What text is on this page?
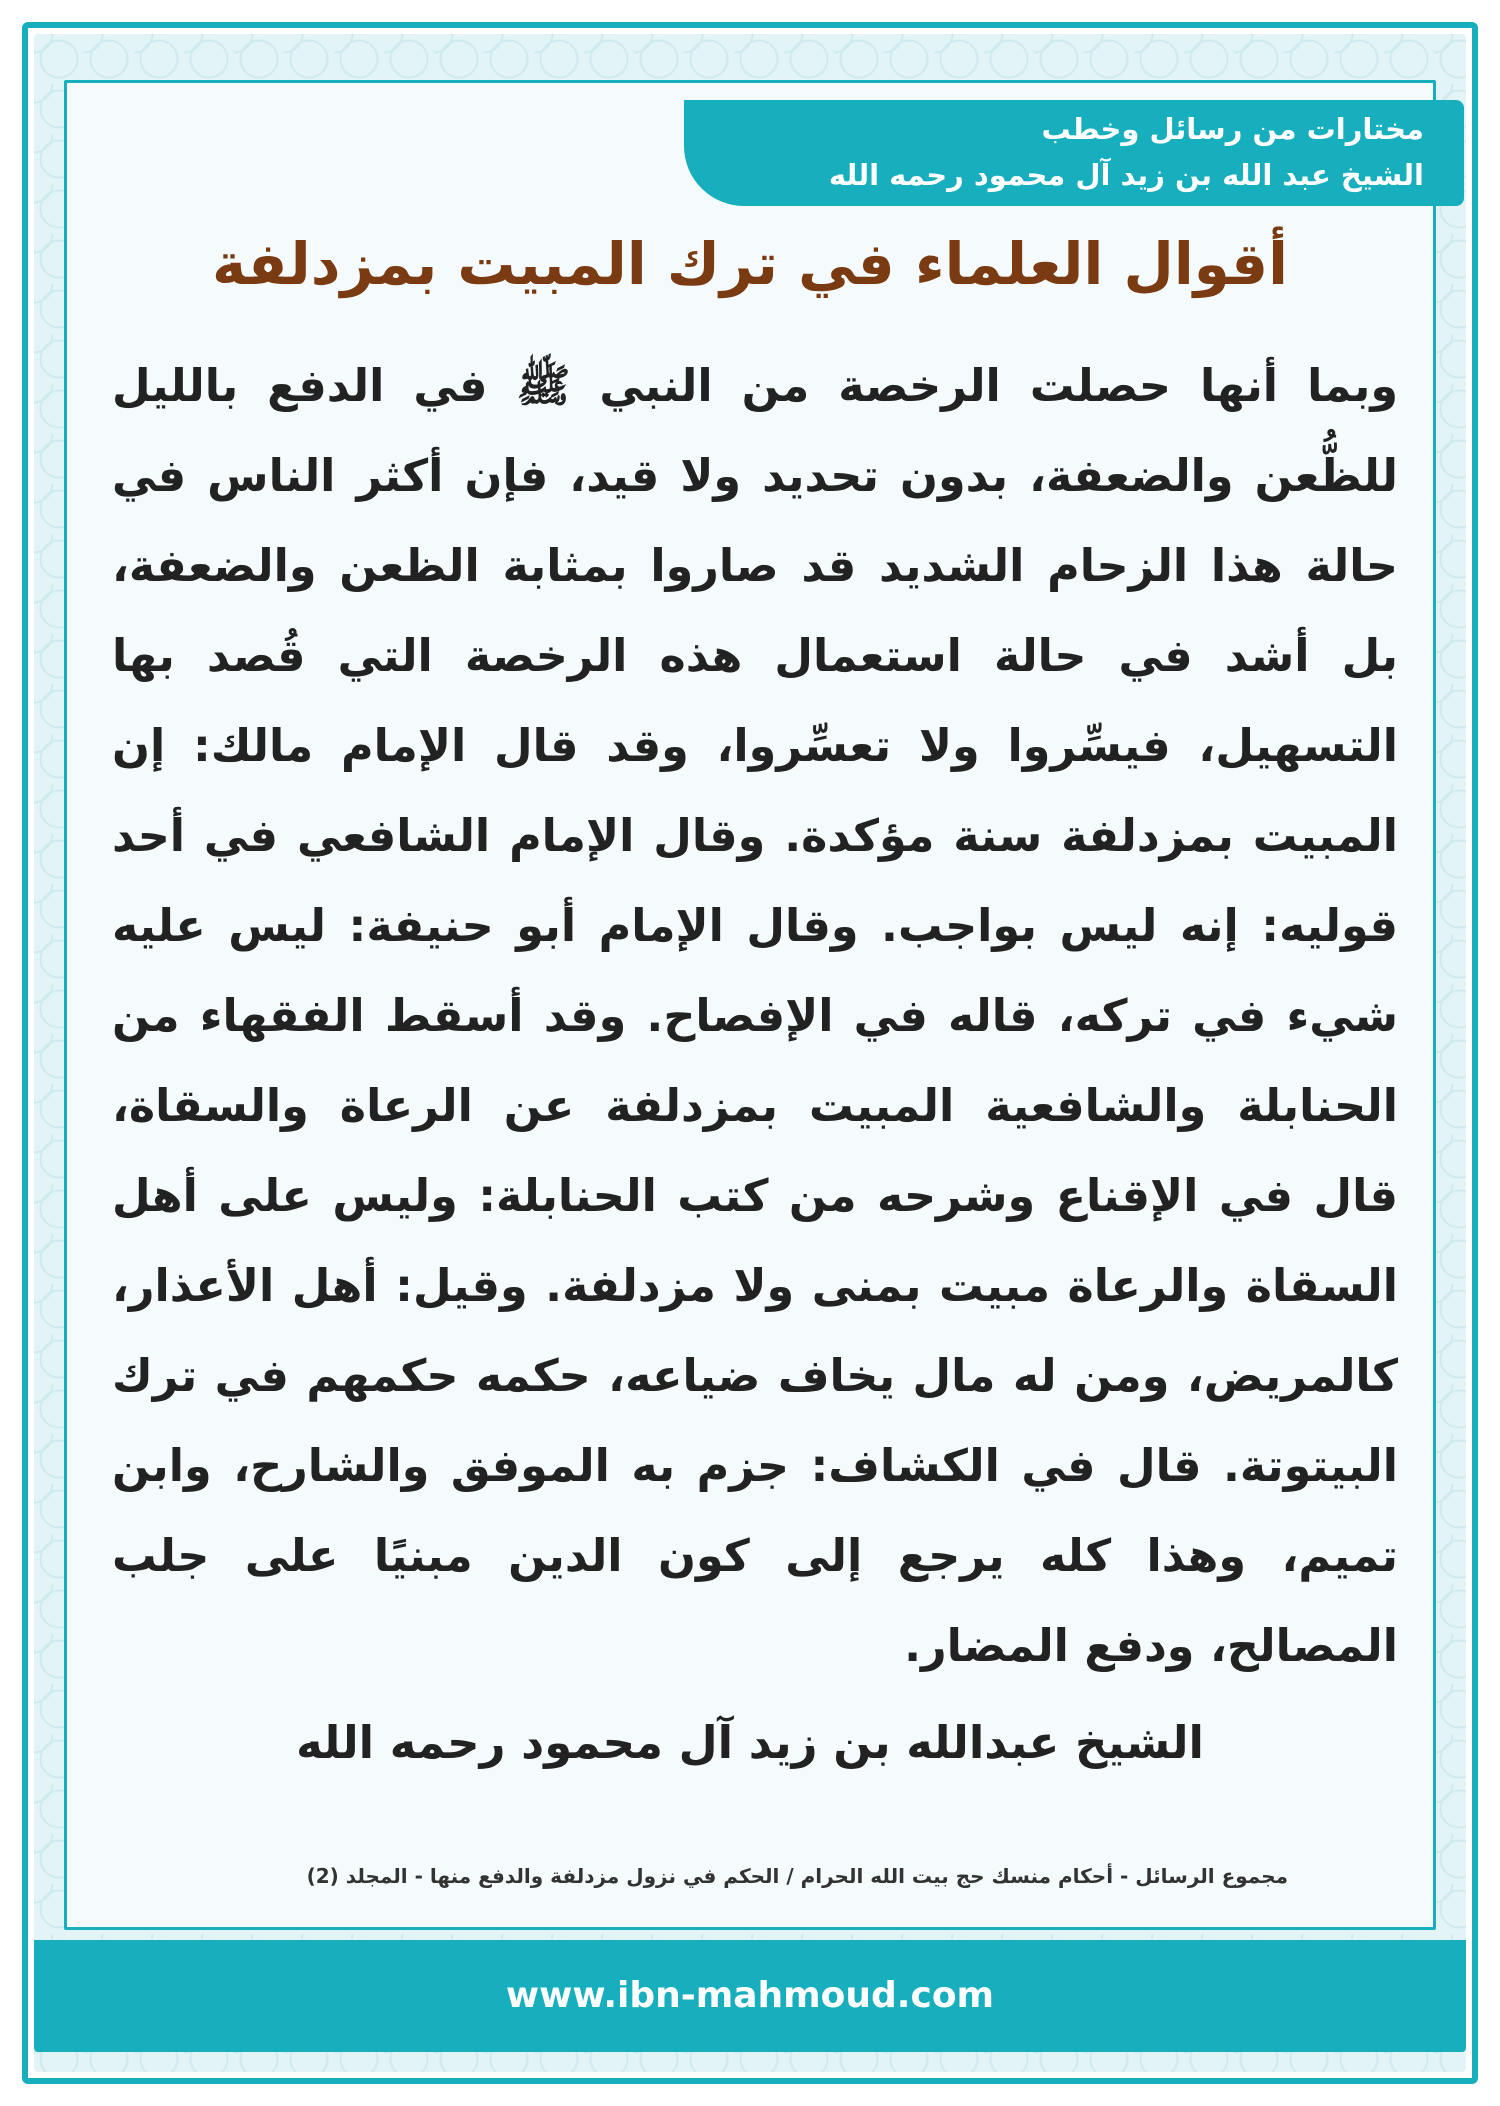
مختارات من رسائل وخطب
الشيخ عبد الله بن زيد آل محمود رحمه الله
أقوال العلماء في ترك المبيت بمزدلفة

وبما أنها حصلت الرخصة من النبي ﷺ في الدفع بالليل للظُّعن والضعفة، بدون تحديد ولا قيد، فإن أكثر الناس في حالة هذا الزحام الشديد قد صاروا بمثابة الظعن والضعفة، بل أشد في حالة استعمال هذه الرخصة التي قُصد بها التسهيل، فيسِّروا ولا تعسِّروا، وقد قال الإمام مالك: إن المبيت بمزدلفة سنة مؤكدة. وقال الإمام الشافعي في أحد قوليه: إنه ليس بواجب. وقال الإمام أبو حنيفة: ليس عليه شيء في تركه، قاله في الإفصاح. وقد أسقط الفقهاء من الحنابلة والشافعية المبيت بمزدلفة عن الرعاة والسقاة، قال في الإقناع وشرحه من كتب الحنابلة: وليس على أهل السقاة والرعاة مبيت بمنى ولا مزدلفة. وقيل: أهل الأعذار، كالمريض، ومن له مال يخاف ضياعه، حكمه حكمهم في ترك البيتوتة. قال في الكشاف: جزم به الموفق والشارح، وابن تميم، وهذا كله يرجع إلى كون الدين مبنيًا على جلب المصالح، ودفع المضار.

الشيخ عبدالله بن زيد آل محمود رحمه الله

مجموع الرسائل - أحكام منسك حج بيت الله الحرام / الحكم في نزول مزدلفة والدفع منها - المجلد (2)

www.ibn-mahmoud.com
